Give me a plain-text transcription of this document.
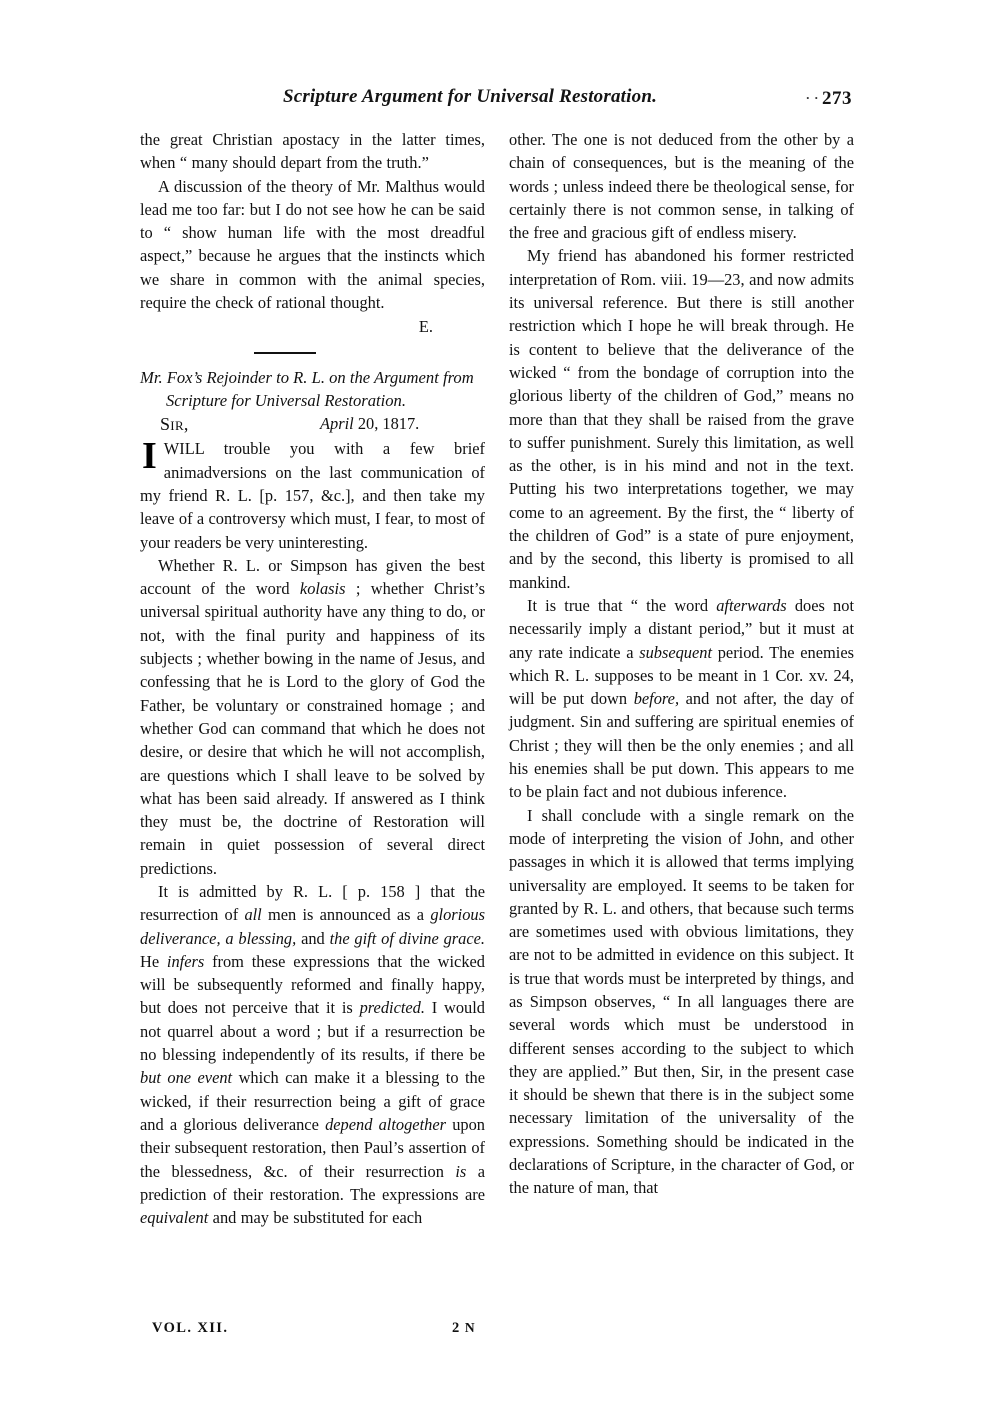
Scripture Argument for Universal Restoration.	· · 273

the great Christian apostacy in the latter times, when “ many should depart from the truth.”

A discussion of the theory of Mr. Malthus would lead me too far: but I do not see how he can be said to “ show human life with the most dreadful aspect,” because he argues that the instincts which we share in common with the animal species, require the check of rational thought.

E.

Mr. Fox’s Rejoinder to R. L. on the Argument from Scripture for Universal Restoration.

Sir,	April 20, 1817.

IWILL trouble you with a few brief animadversions on the last communication of my friend R. L. [p. 157, &c.], and then take my leave of a controversy which must, I fear, to most of your readers be very uninteresting.

Whether R. L. or Simpson has given the best account of the word kolasis ; whether Christ’s universal spiritual authority have any thing to do, or not, with the final purity and happiness of its subjects ; whether bowing in the name of Jesus, and confessing that he is Lord to the glory of God the Father, be voluntary or constrained homage ; and whether God can command that which he does not desire, or desire that which he will not accomplish, are questions which I shall leave to be solved by what has been said already. If answered as I think they must be, the doctrine of Restoration will remain in quiet possession of several direct predictions.

It is admitted by R. L. [ p. 158 ] that the resurrection of all men is announced as a glorious deliverance, a blessing, and the gift of divine grace. He infers from these expressions that the wicked will be subsequently reformed and finally happy, but does not perceive that it is predicted. I would not quarrel about a word ; but if a resurrection be no blessing independently of its results, if there be but one event which can make it a blessing to the wicked, if their resurrection being a gift of grace and a glorious deliverance depend altogether upon their subsequent restoration, then Paul’s assertion of the blessedness, &c. of their resurrection is a prediction of their restoration. The expressions are equivalent and may be substituted for each

other. The one is not deduced from the other by a chain of consequences, but is the meaning of the words ; unless indeed there be theological sense, for certainly there is not common sense, in talking of the free and gracious gift of endless misery.

My friend has abandoned his former restricted interpretation of Rom. viii. 19—23, and now admits its universal reference. But there is still another restriction which I hope he will break through. He is content to believe that the deliverance of the wicked “ from the bondage of corruption into the glorious liberty of the children of God,” means no more than that they shall be raised from the grave to suffer punishment. Surely this limitation, as well as the other, is in his mind and not in the text. Putting his two interpretations together, we may come to an agreement. By the first, the “ liberty of the children of God” is a state of pure enjoyment, and by the second, this liberty is promised to all mankind.

It is true that “ the word afterwards does not necessarily imply a distant period,” but it must at any rate indicate a subsequent period. The enemies which R. L. supposes to be meant in 1 Cor. xv. 24, will be put down before, and not after, the day of judgment. Sin and suffering are spiritual enemies of Christ ; they will then be the only enemies ; and all his enemies shall be put down. This appears to me to be plain fact and not dubious inference.

I shall conclude with a single remark on the mode of interpreting the vision of John, and other passages in which it is allowed that terms implying universality are employed. It seems to be taken for granted by R. L. and others, that because such terms are sometimes used with obvious limitations, they are not to be admitted in evidence on this subject. It is true that words must be interpreted by things, and as Simpson observes, “ In all languages there are several words which must be understood in different senses according to the subject to which they are applied.” But then, Sir, in the present case it should be shewn that there is in the subject some necessary limitation of the universality of the expressions. Something should be indicated in the declarations of Scripture, in the character of God, or the nature of man, that

VOL. XII.	2 N
